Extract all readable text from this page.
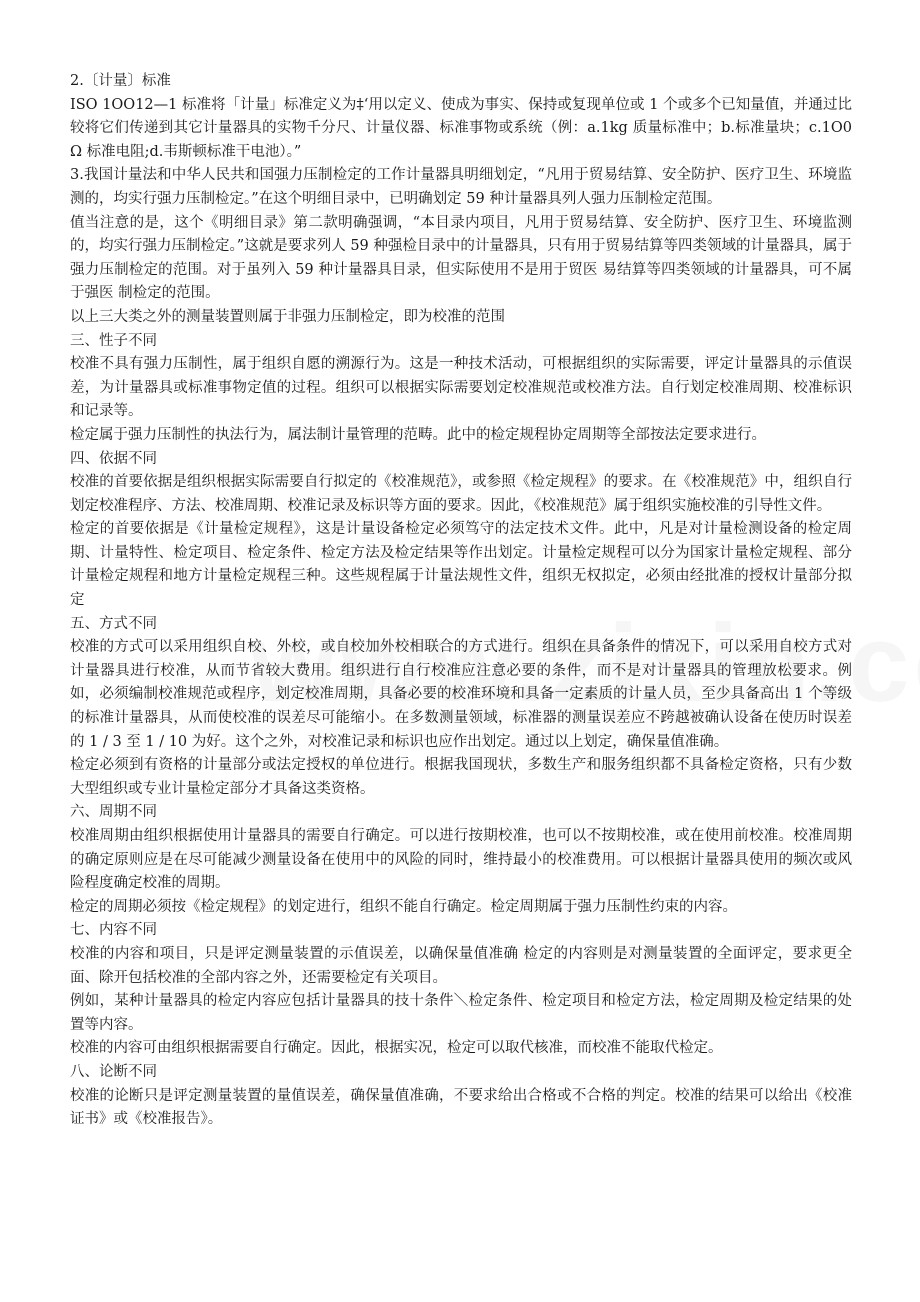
2.〔计量〕标准

ISO 1OO12—1 标准将「计量」标准定义为‡‘用以定义、使成为事实、保持或复现单位或 1 个或多个已知量值，并通过比较将它们传递到其它计量器具的实物千分尺、计量仪器、标准事物或系统（例：a.1kg 质量标准中；b.标准量块；c.1O0 Ω 标准电阻;d.韦斯顿标准干电池）。”

3.我国计量法和中华人民共和国强力压制检定的工作计量器具明细划定，“凡用于贸易结算、安全防护、医疗卫生、环境监测的，均实行强力压制检定。”在这个明细目录中，已明确划定 59 种计量器具列人强力压制检定范围。

值当注意的是，这个《明细目录》第二款明确强调，“本目录内项目，凡用于贸易结算、安全防护、医疗卫生、环境监测的，均实行强力压制检定。”这就是要求列人 59 种强检目录中的计量器具，只有用于贸易结算等四类领域的计量器具，属于强力压制检定的范围。对于虽列入 59 种计量器具目录，但实际使用不是用于贸医 易结算等四类领域的计量器具，可不属于强医 制检定的范围。

以上三大类之外的测量装置则属于非强力压制检定，即为校准的范围

三、性子不同

校准不具有强力压制性，属于组织自愿的溯源行为。这是一种技术活动，可根据组织的实际需要，评定计量器具的示值误差，为计量器具或标准事物定值的过程。组织可以根据实际需要划定校准规范或校准方法。自行划定校准周期、校准标识和记录等。

检定属于强力压制性的执法行为，属法制计量管理的范畴。此中的检定规程协定周期等全部按法定要求进行。

四、依据不同

校准的首要依据是组织根据实际需要自行拟定的《校准规范》，或参照《检定规程》的要求。在《校准规范》中，组织自行划定校准程序、方法、校准周期、校准记录及标识等方面的要求。因此，《校准规范》属于组织实施校准的引导性文件。

检定的首要依据是《计量检定规程》，这是计量设备检定必须笃守的法定技术文件。此中，凡是对计量检测设备的检定周期、计量特性、检定项目、检定条件、检定方法及检定结果等作出划定。计量检定规程可以分为国家计量检定规程、部分计量检定规程和地方计量检定规程三种。这些规程属于计量法规性文件，组织无权拟定，必须由经批准的授权计量部分拟定

五、方式不同

校准的方式可以采用组织自校、外校，或自校加外校相联合的方式进行。组织在具备条件的情况下，可以采用自校方式对计量器具进行校准，从而节省较大费用。组织进行自行校准应注意必要的条件，而不是对计量器具的管理放松要求。例如，必须编制校准规范或程序，划定校准周期，具备必要的校准环境和具备一定素质的计量人员，至少具备高出 1 个等级的标准计量器具，从而使校准的误差尽可能缩小。在多数测量领域，标准器的测量误差应不跨越被确认设备在使历时误差的 1 / 3 至 1 / 10 为好。这个之外，对校准记录和标识也应作出划定。通过以上划定，确保量值准确。

检定必须到有资格的计量部分或法定授权的单位进行。根据我国现状，多数生产和服务组织都不具备检定资格，只有少数大型组织或专业计量检定部分才具备这类资格。

六、周期不同

校准周期由组织根据使用计量器具的需要自行确定。可以进行按期校准，也可以不按期校准，或在使用前校准。校准周期的确定原则应是在尽可能减少测量设备在使用中的风险的同时，维持最小的校准费用。可以根据计量器具使用的频次或风险程度确定校准的周期。

检定的周期必须按《检定规程》的划定进行，组织不能自行确定。检定周期属于强力压制性约束的内容。

七、内容不同

校准的内容和项目，只是评定测量装置的示值误差，以确保量值准确 检定的内容则是对测量装置的全面评定，要求更全面、除开包括校准的全部内容之外，还需要检定有关项目。

例如，某种计量器具的检定内容应包括计量器具的技十条件＼检定条件、检定项目和检定方法，检定周期及检定结果的处置等内容。

校准的内容可由组织根据需要自行确定。因此，根据实况，检定可以取代核准，而校准不能取代检定。

八、论断不同

校准的论断只是评定测量装置的量值误差，确保量值准确，不要求给出合格或不合格的判定。校准的结果可以给出《校准证书》或《校准报告》。
